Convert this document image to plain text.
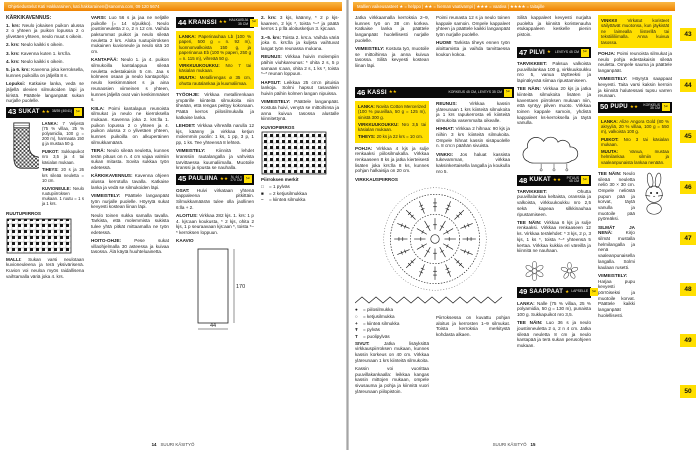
Ohjetiedustelut Kati Hakkarainen, kati.hakkarainen@sanoma.com, 09 120 5674
KÄRKIKAVENNUS:

1. krs: Neulo jokaisen puikon alussa 2 o yhteen ja puikon lopussa 2 o ylivetäen yhteen, neulo muut s oikein.

2. krs: Neulo kaikki s oikein.

3. krs: Kavenna kuten 1. krs:lla.

4. krs: Neulo kaikki s oikein.

5. ja 6. krs: Kavenna joka kerroksella, kunnes puikoilla on jäljellä 8 s.

Lopuksi: Katkaise lanka, vedä se jäljellä olevien silmukoiden läpi ja kiristä. Päättele langanpäät sukan nurjalle puolelle.

43 SUKAT ★★ 38/39 (40/41) ✂

LANKA: 7 Veljestä (75 % villaa, 25 % polyamidia, 100 g = 200 m), harmaata 150 g ja mustaa 50 g.

PUIKOT: Sukkapuikot nro 3,5 ja 4 tai käsialan mukaan.

TIHEYS: 20 s ja 26 krs sileää neuletta = 10 cm.

KUVIONEULE: Neulo ruutupiirroksen mukaan. 1 ruutu = 1 s ja 1 krs.

RUUTUPIIRROS

MALLI: Sukan varsi neulotaan kuvioneuleena ja terä yksivärisenä. Kuvion voi neuloa myös raidallisena vaihtamalla väriä joka 4. krs.

VARSI: Luo 56 s ja jaa ne neljälle puikolle (= 14 s/puikko). Neulo joustinneuletta 2 o, 2 n 12 cm. Vaihda paksummat puikot ja neulo sileää neuletta 2 krs. Aloita ruutupiirroksen mukainen kuvioneule ja neulo sitä 10 cm.

KANTAPÄÄ: Neulo 1. ja 4. puikon silmukoilla kantalappua sileää neuletta edestakaisin 5 cm. Jaa s kolmeen osaan ja neulo kantapohja: neulo keskimmäiset s ja aina reunaosien viimeinen s yhteen, kunnes jäljellä ovat vain keskimmäiset s.

KIILA: Poimi kantalapun reunoista silmukat ja neulo ne kierroksella mukaan. Kavenna joka 2. krs:lla 1. puikon lopussa 2 o yhteen ja 4. puikon alussa 2 o ylivetäen yhteen, kunnes puikoilla on alkuperäinen silmukkamäärä.

TERÄ: Neulo sileää neuletta, kunnes terän pituus on n. 4 cm vajaa valmiin sukan mitasta. Sovita sukkaa työn edetessä.

KÄRKIKAVENNUS: Kavenna ohjeen alussa kerrotulla tavalla. Katkaise lanka ja vedä se silmukoiden läpi.

VIIMEISTELY: Päättele langanpäät työn nurjalle puolelle. Höyrytä sukat kevyesti kostean liinan läpi.

Neulo toinen sukka samalla tavalla. Tarkista, että molemmista sukista tulee yhtä pitkät mittaamalla ne työn edetessä.

HOITO-OHJE:	Pese sukat villaohjelmalla 30 asteessa ja kuivaa tasossa. Älä käytä huuhteluainetta.

44 KRANSSI ★★ HALKAISIJA 35 CM ✂

LANKA: Paperinauhaa Lb (100 % paperi, 500 g = n. 92 m), luonnonvalkoista 150 g, ja paperinarua Eb (100 % paperi, 250 g = n. 115 m), vihreää 50 g.

VIRKKUUKOUKKU: Nro 7 tai käsialan mukaan.

MUUTA: Metallirengas ø 35 cm, ohutta rautalankaa ja kuumaliimaa.

TYÖOHJE: Virkkaa metallirenkaan ympärille kiinteitä silmukoita niin tiheään, että rengas peittyy kokonaan. Päätä kerros piilosilmukalla ja katkaise lanka.

LEHDET: Virkkaa vihreällä narulla 12 kjs, käänny ja virkkaa ketjun molemmin puolin: 1 ks, 1 pp, 3 p, 1 pp, 1 ks. Tee yhteensä 8 lehteä.

VIIMEISTELY: Kiinnitä lehdet kranssiin rautalangalla ja vahvista tarvittaessa kuumaliimalla. Muotoile kranssi ja ripusta se nauhalla.

45 PAULIINA ★★ N. 44 × 170 CM ✂

OSAT: Huivi virkataan yhtenä kappaleena pitkittäin. Silmukkamäärän tulee olla jaollinen 6:lla + 2.

ALOITUS: Virkkaa 282 kjs. 1. krs: 1 p 4. kjs:aan koukusta, * 2 kjs, ohita 2 kjs, 1 p seuraavaan kjs:aan *, toista *–* kerroksen loppuun.

KAAVIO
170
44

2. krs: 3 kjs, käänny, * 2 p kjs-kaareen, 2 kjs *, toista *–* ja päätä kerros 1 p:llä aloitusketjun 3. kjs:aan.

3.–5. krs: Toista 2. krs:a. Vaihda väriä joka 6. krs:lla ja kuljeta vaihtuvat langat työn reunassa mukana.

REUNUS: Virkkaa huivin molempiin päihin viuhkareunus: * ohita 2 s, 5 p samaan s:aan, ohita 2 s, 1 ks *, toista *–* reunan loppuun.

HAPSUT: Leikkaa 25 cm:n pituisia lankoja. Solmi hapsut tasavälein huivin päihin kolmen langan nipuissa.

VIIMEISTELY: Päättele langanpäät. Kostuta huivi, venytä se mittoihinsa ja anna kuivua tasossa alustalle kiinnitettynä.

KUVIOPIIRROS
Piirroksen merkit
□	= 1 pylväs
■	= 2 ketjusilmukkaa
–	= kiinteä silmukka
14 SUURI KÄSITYÖ
Mallien vaikeusasteet ★ = helppo | ★★ = hieman vaativampi | ★★★ = vaativa | ★★★★ = taitajille

Jatka virkkaamalla kerroksia 2–9, kunnes työ on 38 cm korkea. Katkaise lanka ja päättele langanpäät huolellisesti nurjalle puolelle.

VIIMEISTELY: Kostuta työ, muotoile se mittoihinsa ja anna kuivua tasossa. Silitä kevyesti kostean liinan läpi.

46 KASSI ★★	KORKEUS 45 CM, LEVEYS 35 CM ✂

LANKA: Novita Cotton Mercerized (100 % puuvillaa, 50 g = 125 m), sinistä 300 g.

VIRKKUUKOUKKU: Nro 3,5 tai käsialan mukaan.

TIHEYS: 20 ks ja 22 krs = 10 cm.

POHJA: Virkkaa 4 kjs ja sulje renkaaksi piilosilmukalla. Virkkaa renkaaseen 8 ks ja jatka kierteisesti lisäten joka krs:lla 8 ks, kunnes pohjan halkaisija on 20 cm.

VIRKKAUSPIIRROS
●	= piilosilmukka
○	= ketjusilmukka
+	= kiinteä silmukka
Ŧ	= pylväs
T	= puolipylväs

SIVUT:	Jatka lisäyksittä virkkauspiirroksen mukaan, kunnes kassin korkeus on 40 cm. Virkkaa yläreunaan 1 krs kiinteitä silmukoita.

Kassin voi vuorittaa puuvillakankaalla: leikkaa kangas kassin mittojen mukaan, ompele sivusauma ja pohja ja kiinnitä vuori yläreunaan piilopistoin.

Poimi reunasta 12 s ja neulo toinen kappale samoin. Ompele kappaleet yhteen ja päättele kaikki langanpäät työn nurjalle puolelle.

HUOM! Tarkista tiheys ennen työn aloittamista ja vaihda tarvittaessa koukun kokoa.

REUNUS:	Virkkaa kassin yläreunaan 1 krs kiinteitä silmukoita ja 1 krs rapukerrosta eli kiinteitä silmukoita vasemmalta oikealle.

HIHNAT: Virkkaa 2 hihnaa: 90 kjs ja niihin 3 krs kiinteitä silmukoita. Ompele hihnat kassin sisäpuolelle n. 8 cm:n päähän sivuista.

VINKKI: Jos haluat kassista tukevamman, virkkaa kaksinkertaisella langalla ja koukulla nro 5.

Piirroksessa on kuvattu pohjan aloitus ja kerrosten 1–9 silmukat. Toista kerroksia merkitystä kohdasta alkaen.

Silitä kappaleet kevyesti nurjalta puolelta ja kiinnitä koristenauha etukappaleen keskelle pienin pistoin.

47 PILVI ★ LEVEYS 45 CM ✂

TARVIKKEET: Paksua valkoista puuvillalankaa 100 g, virkkuukoukku nro 5, vanua täytteeksi ja läpinäkyvää siimaa ripustamiseen.

TEE NÄIN: Virkkaa 20 kjs ja jatka kiinteitä silmukoita lisäten ja kaventaen piirroksen mukaan niin, että syntyy pilven muoto. Virkkaa toinen kappale samoin, yhdistä kappaleet ks-kerroksella ja täytä vanulla.

48 KUKAT ★★	PITUUS 45 CM ✂

TARVIKKEET:	Ohutta puuvillalankaa keltaista, oranssia ja valkoista, virkkuukoukku nro 2,5 sekä kapeaa silkkinauhaa ripustamiseen.

TEE NÄIN: Virkkaa 6 kjs ja sulje renkaaksi. Virkkaa renkaaseen 12 ks. Virkkaa terälehdet: * 3 kjs, 2 p, 3 kjs, 1 ks *, toista *–* yhteensä 5 kertaa. Virkkaa kukkia eri väreillä ja kiinnitä ne nauhaan.

49 SAAPPAAT ★ LAPSELLE ✂

LANKA: Nalle (75 % villaa, 25 % polyamidia, 50 g = 130 m), punaista 100 g. Sukkapuikot nro 3,5.

TEE NÄIN: Luo 36 s ja neulo joustinneuletta 2 o, 2 n 4 cm. Jatka sileää neuletta 8 cm ja neulo kantapää ja terä sukan perusohjeen mukaan.

VINKKI! Virkatut koristeet säilyttävät muotonsa, kun jäykistät ne laimealla liisterillä tai tekstiililiimalla. Anna kuivua tasossa.

POHJA: Poimi reunoista silmukat ja neulo pohja edestakaisin sileää neuletta. Ompele sauma ja päättele langanpäät.

VIIMEISTELY: Höyrytä saappaat kevyesti. Taita varsi kaksin kerroin ja kiinnitä halutessasi tupsu varren reunaan.

50 PUPU ★★	KORKEUS 35 CM ✂

LANKA: Alize Angora Gold (80 % akryyliä, 20 % villaa, 100 g = 550 m), valkoista 100 g.

PUIKOT: Nro 3 tai käsialan mukaan.

MUUTA:	Vanua, mustaa helmilankaa silmiin ja vaaleanpunaista lankaa nenään.

TEE NÄIN: Neulo sileää neuletta neliö 30 × 30 cm. Ompele neliöstä pupun pää ja korvat, täytä vanulla ja muotoile pää pyöreäksi.

SILMÄT JA NENÄ:	Kirjo silmät mustalla helmilangalla ja nenä vaaleanpunaisella langalla. Solmi kaulaan rusetti.

VIIMEISTELY: Harjaa pupu kevyesti pörröiseksi ja muotoile korvat. Päättele kaikki langanpäät huolellisesti.

SUURI KÄSITYÖ 15
43
44
45
46
47
48
49
50
